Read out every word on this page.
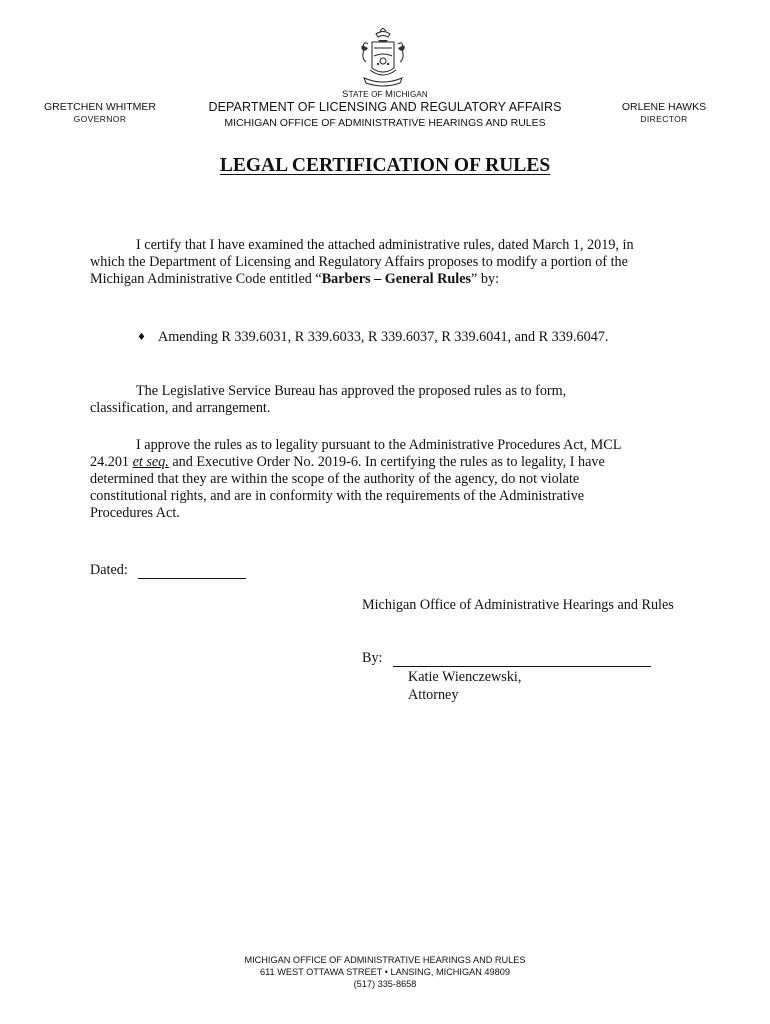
STATE OF MICHIGAN
GRETCHEN WHITMER
GOVERNOR
DEPARTMENT OF LICENSING AND REGULATORY AFFAIRS
MICHIGAN OFFICE OF ADMINISTRATIVE HEARINGS AND RULES
ORLENE HAWKS
DIRECTOR
LEGAL CERTIFICATION OF RULES
I certify that I have examined the attached administrative rules, dated March 1, 2019, in
which the Department of Licensing and Regulatory Affairs proposes to modify a portion of the
Michigan Administrative Code entitled “Barbers – General Rules” by:
♦ Amending R 339.6031, R 339.6033, R 339.6037, R 339.6041, and R 339.6047.
The Legislative Service Bureau has approved the proposed rules as to form,
classification, and arrangement.
I approve the rules as to legality pursuant to the Administrative Procedures Act, MCL
24.201 et seq. and Executive Order No. 2019-6. In certifying the rules as to legality, I have
determined that they are within the scope of the authority of the agency, do not violate
constitutional rights, and are in conformity with the requirements of the Administrative
Procedures Act.
Dated:
Michigan Office of Administrative Hearings and Rules
By:
Katie Wienczewski,
Attorney
MICHIGAN OFFICE OF ADMINISTRATIVE HEARINGS AND RULES
611 WEST OTTAWA STREET • LANSING, MICHIGAN 49809
(517) 335-8658
